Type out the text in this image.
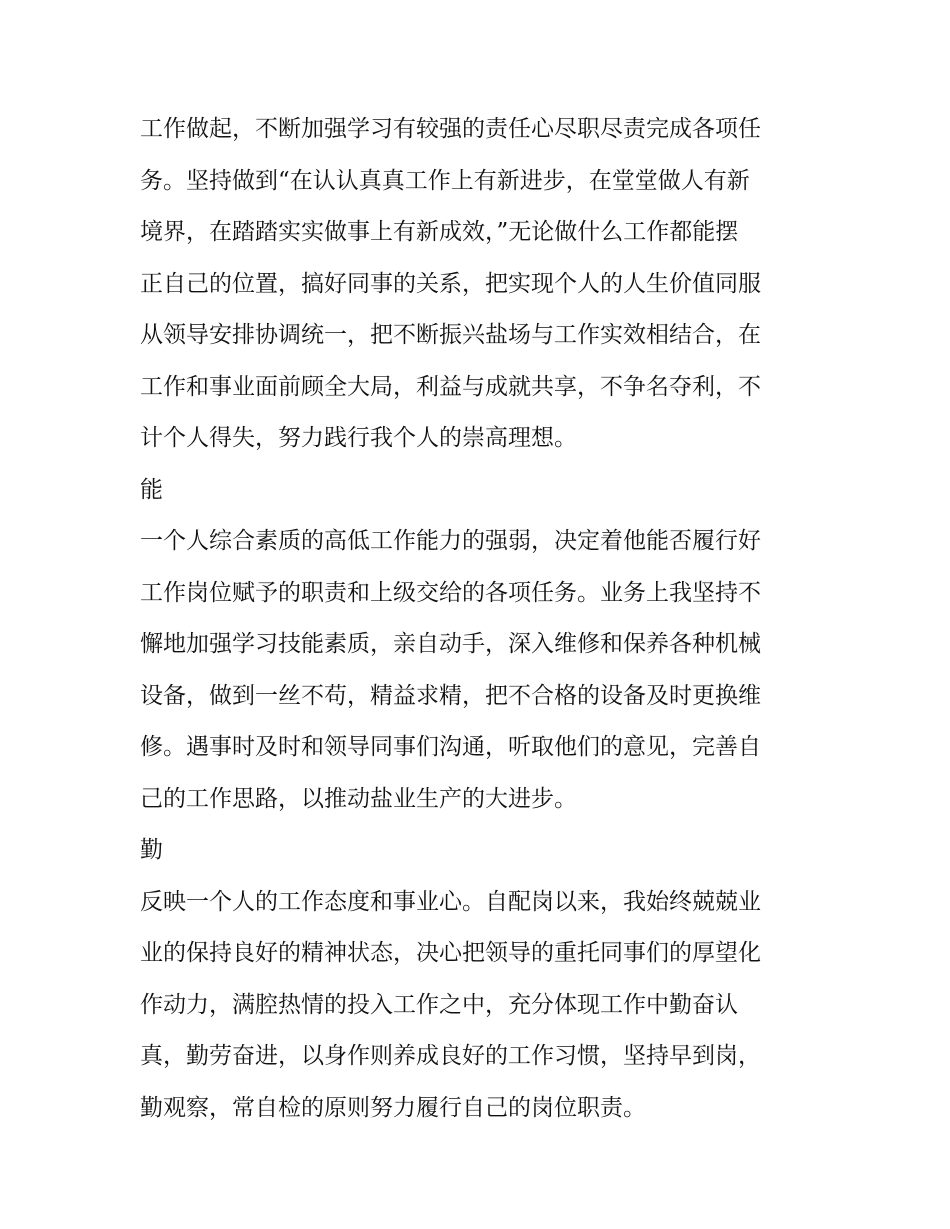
工作做起，不断加强学习有较强的责任心尽职尽责完成各项任
务。坚持做到“在认认真真工作上有新进步，在堂堂做人有新
境界，在踏踏实实做事上有新成效，”无论做什么工作都能摆
正自己的位置，搞好同事的关系，把实现个人的人生价值同服
从领导安排协调统一，把不断振兴盐场与工作实效相结合，在
工作和事业面前顾全大局，利益与成就共享，不争名夺利，不
计个人得失，努力践行我个人的崇高理想。
能
一个人综合素质的高低工作能力的强弱，决定着他能否履行好
工作岗位赋予的职责和上级交给的各项任务。业务上我坚持不
懈地加强学习技能素质，亲自动手，深入维修和保养各种机械
设备，做到一丝不苟，精益求精，把不合格的设备及时更换维
修。遇事时及时和领导同事们沟通，听取他们的意见，完善自
己的工作思路，以推动盐业生产的大进步。
勤
反映一个人的工作态度和事业心。自配岗以来，我始终兢兢业
业的保持良好的精神状态，决心把领导的重托同事们的厚望化
作动力，满腔热情的投入工作之中，充分体现工作中勤奋认
真，勤劳奋进，以身作则养成良好的工作习惯，坚持早到岗，
勤观察，常自检的原则努力履行自己的岗位职责。
